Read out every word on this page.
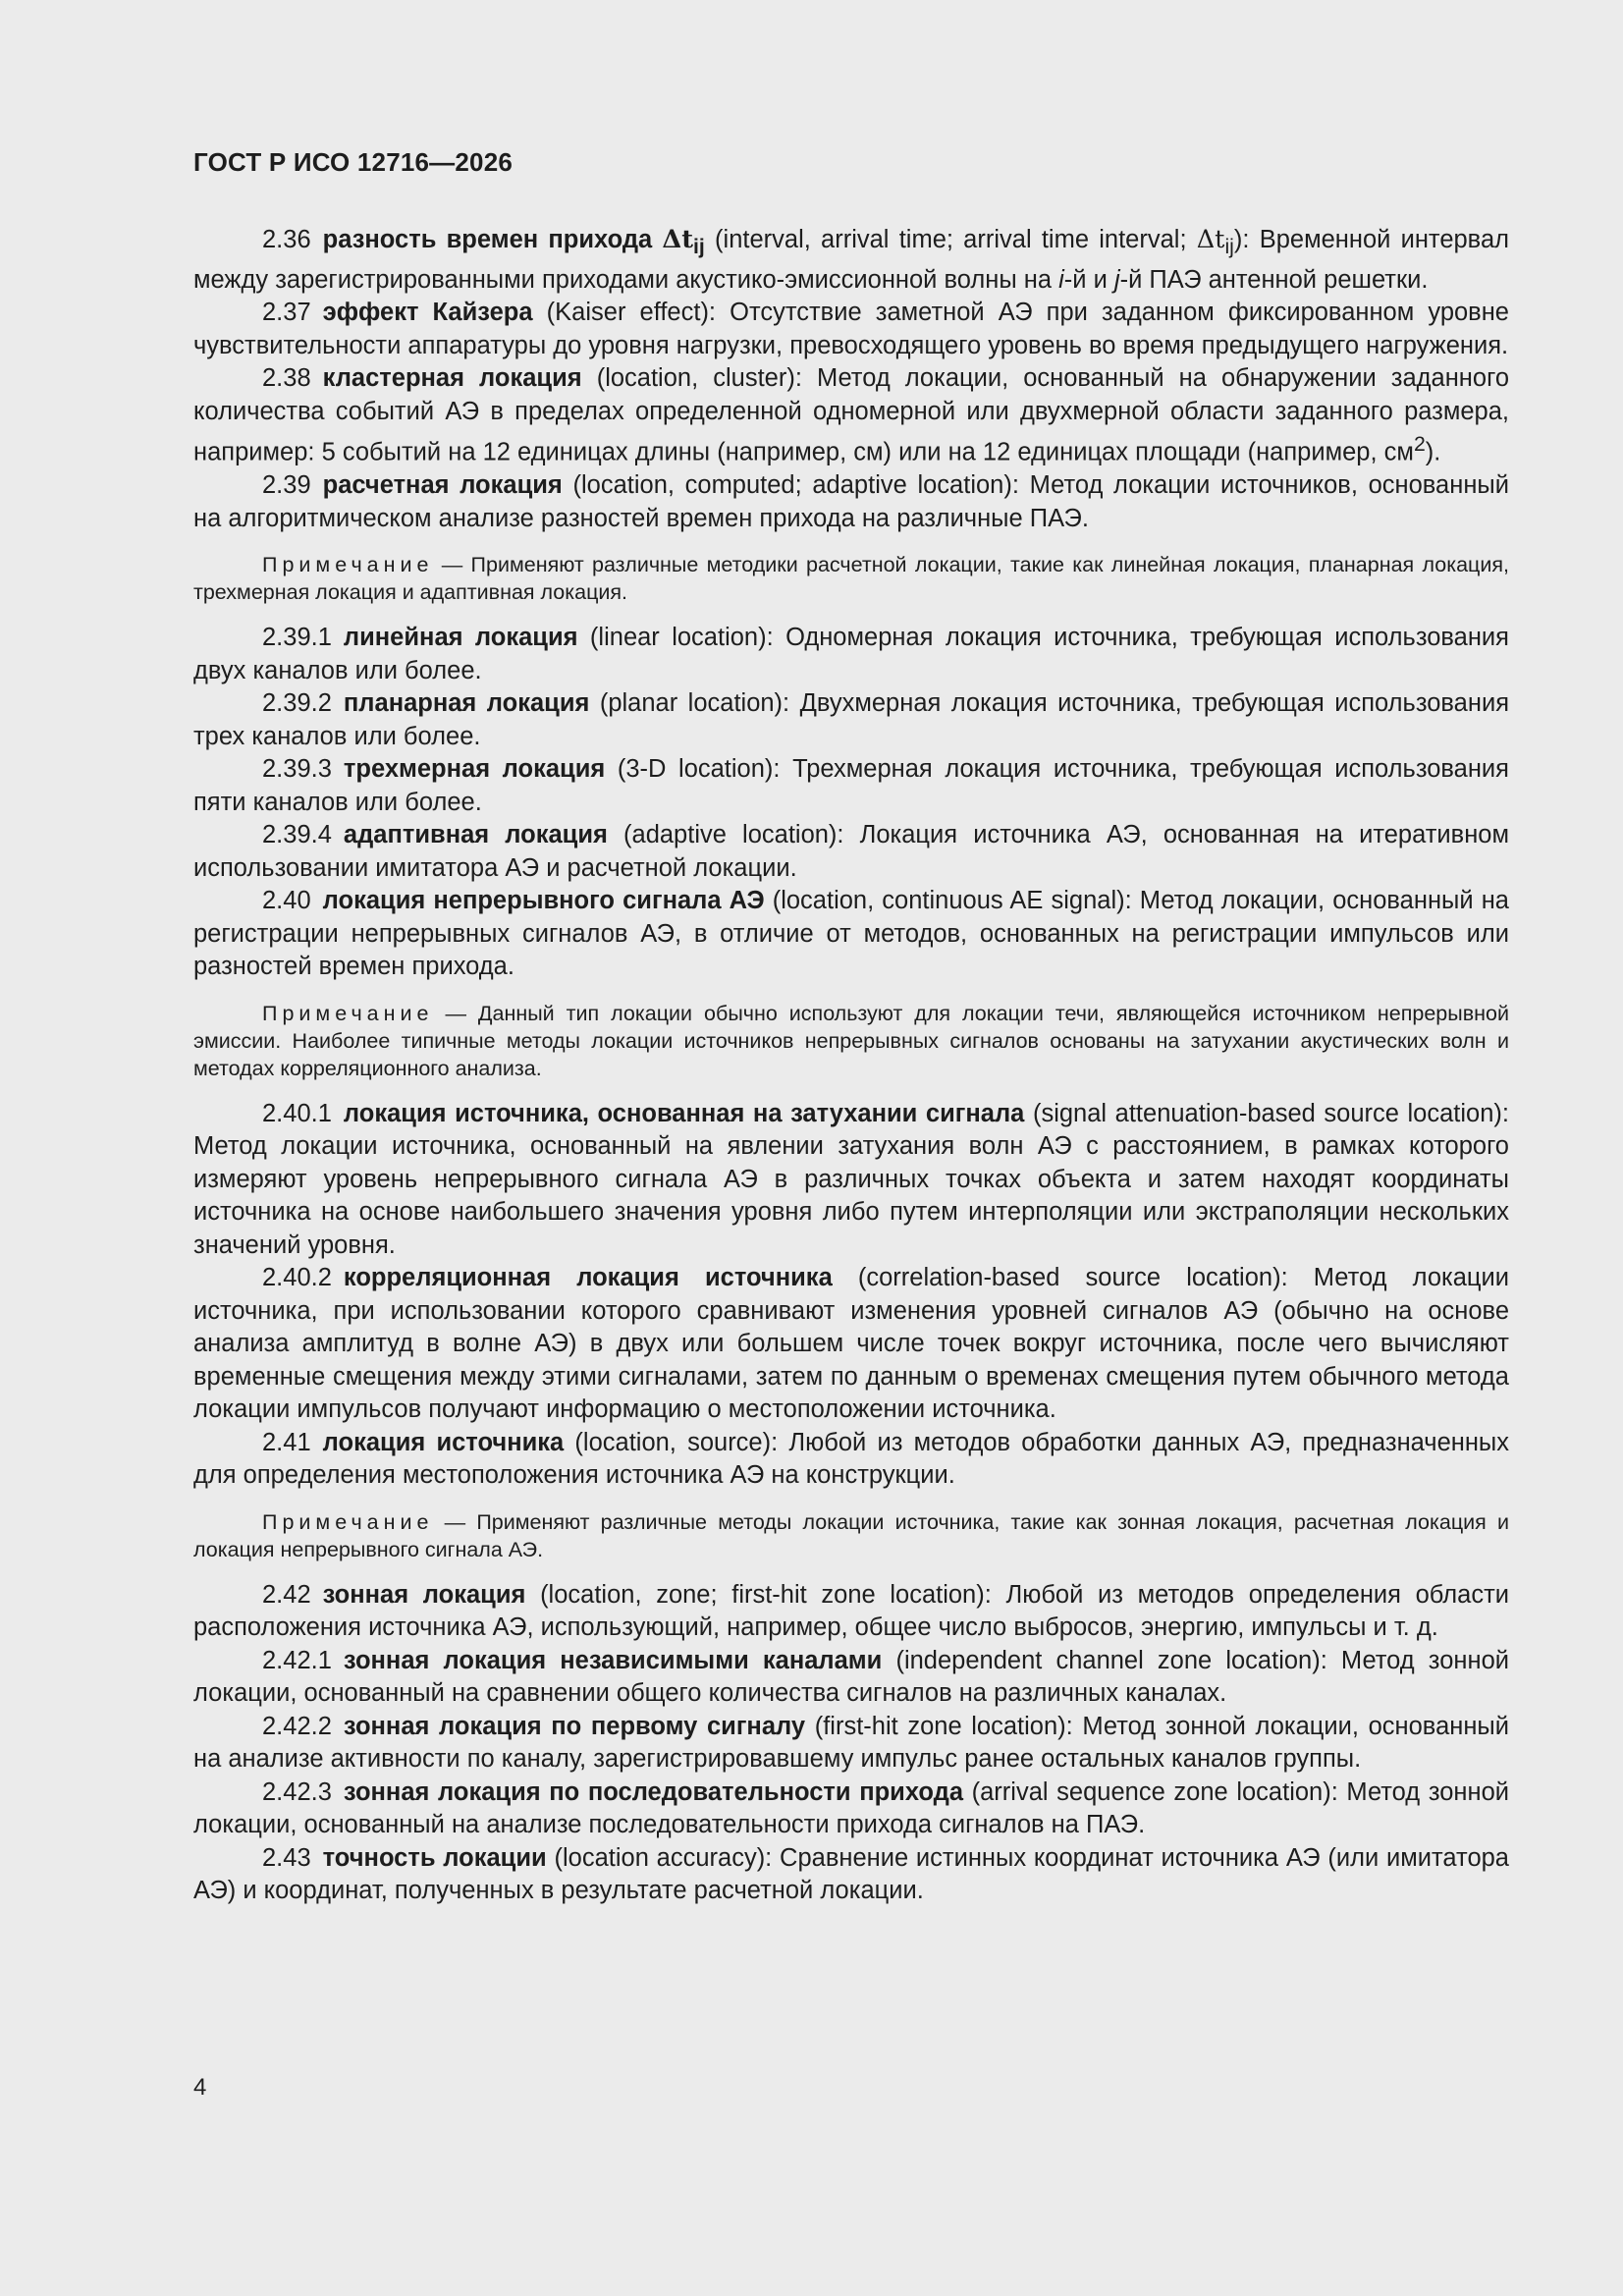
ГОСТ Р ИСО 12716—2026

2.36 разность времен прихода $\Delta t_{ij}$ (interval, arrival time; arrival time interval; $\Delta t_{ij}$): Временной интервал между зарегистрированными приходами акустико-эмиссионной волны на i-й и j-й ПАЭ антенной решетки.

2.37 эффект Кайзера (Kaiser effect): Отсутствие заметной АЭ при заданном фиксированном уровне чувствительности аппаратуры до уровня нагрузки, превосходящего уровень во время предыдущего нагружения.

2.38 кластерная локация (location, cluster): Метод локации, основанный на обнаружении заданного количества событий АЭ в пределах определенной одномерной или двухмерной области заданного размера, например: 5 событий на 12 единицах длины (например, см) или на 12 единицах площади (например, $см^2$).

2.39 расчетная локация (location, computed; adaptive location): Метод локации источников, основанный на алгоритмическом анализе разностей времен прихода на различные ПАЭ.

Примечание — Применяют различные методики расчетной локации, такие как линейная локация, планарная локация, трехмерная локация и адаптивная локация.

2.39.1 линейная локация (linear location): Одномерная локация источника, требующая использования двух каналов или более.

2.39.2 планарная локация (planar location): Двухмерная локация источника, требующая использования трех каналов или более.

2.39.3 трехмерная локация (3-D location): Трехмерная локация источника, требующая использования пяти каналов или более.

2.39.4 адаптивная локация (adaptive location): Локация источника АЭ, основанная на итеративном использовании имитатора АЭ и расчетной локации.

2.40 локация непрерывного сигнала АЭ (location, continuous AE signal): Метод локации, основанный на регистрации непрерывных сигналов АЭ, в отличие от методов, основанных на регистрации импульсов или разностей времен прихода.

Примечание — Данный тип локации обычно используют для локации течи, являющейся источником непрерывной эмиссии. Наиболее типичные методы локации источников непрерывных сигналов основаны на затухании акустических волн и методах корреляционного анализа.

2.40.1 локация источника, основанная на затухании сигнала (signal attenuation-based source location): Метод локации источника, основанный на явлении затухания волн АЭ с расстоянием, в рамках которого измеряют уровень непрерывного сигнала АЭ в различных точках объекта и затем находят координаты источника на основе наибольшего значения уровня либо путем интерполяции или экстраполяции нескольких значений уровня.

2.40.2 корреляционная локация источника (correlation-based source location): Метод локации источника, при использовании которого сравнивают изменения уровней сигналов АЭ (обычно на основе анализа амплитуд в волне АЭ) в двух или большем числе точек вокруг источника, после чего вычисляют временные смещения между этими сигналами, затем по данным о временах смещения путем обычного метода локации импульсов получают информацию о местоположении источника.

2.41 локация источника (location, source): Любой из методов обработки данных АЭ, предназначенных для определения местоположения источника АЭ на конструкции.

Примечание — Применяют различные методы локации источника, такие как зонная локация, расчетная локация и локация непрерывного сигнала АЭ.

2.42 зонная локация (location, zone; first-hit zone location): Любой из методов определения области расположения источника АЭ, использующий, например, общее число выбросов, энергию, импульсы и т. д.

2.42.1 зонная локация независимыми каналами (independent channel zone location): Метод зонной локации, основанный на сравнении общего количества сигналов на различных каналах.

2.42.2 зонная локация по первому сигналу (first-hit zone location): Метод зонной локации, основанный на анализе активности по каналу, зарегистрировавшему импульс ранее остальных каналов группы.

2.42.3 зонная локация по последовательности прихода (arrival sequence zone location): Метод зонной локации, основанный на анализе последовательности прихода сигналов на ПАЭ.

2.43 точность локации (location accuracy): Сравнение истинных координат источника АЭ (или имитатора АЭ) и координат, полученных в результате расчетной локации.

4
